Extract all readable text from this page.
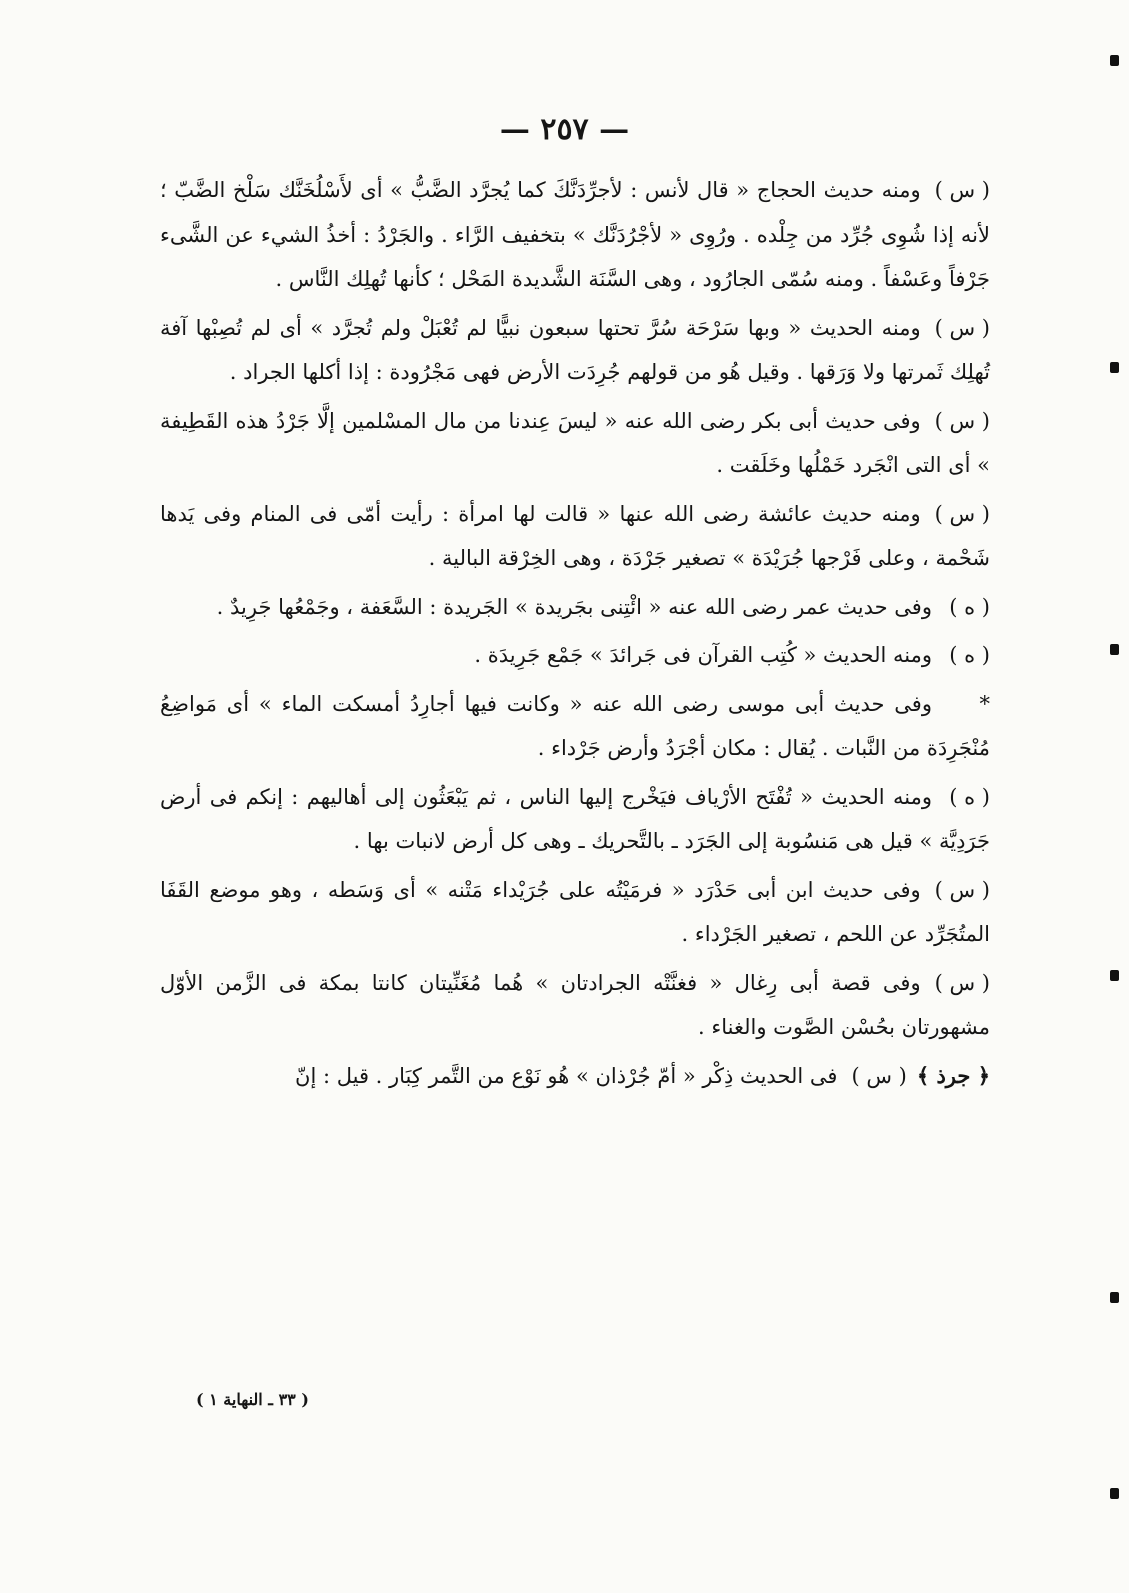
— ٢٥٧ —

( س )ومنه حديث الحجاج « قال لأنس : لأجرِّدَنَّكَ كما يُجرَّد الضَّبُّ » أى لأَسْلُخَنَّك سَلْخ الضَّبّ ؛ لأنه إذا شُوِى جُرِّد من جِلْده . ورُوِى « لأجْرُدَنَّك » بتخفيف الرَّاء . والجَرْدُ : أخذُ الشيء عن الشَّىء جَرْفاً وعَسْفاً . ومنه سُمّى الجارُود ، وهى السَّنَة الشَّديدة المَحْل ؛ كأنها تُهلِك النَّاس .

( س )ومنه الحديث « وبها سَرْحَة سُرَّ تحتها سبعون نبيًّا لم تُعْبَلْ ولم تُجرَّد » أى لم تُصِبْها آفة تُهلِك ثَمرتها ولا وَرَقها . وقيل هُو من قولهم جُرِدَت الأرض فهى مَجْرُودة : إذا أكلها الجراد .

( س )وفى حديث أبى بكر رضى الله عنه « ليسَ عِندنا من مال المسْلمين إلَّا جَرْدُ هذه القَطِيفة » أى التى انْجَرد خَمْلُها وخَلَقت .

( س )ومنه حديث عائشة رضى الله عنها « قالت لها امرأة : رأيت أمّى فى المنام وفى يَدها شَحْمة ، وعلى فَرْجها جُرَيْدَة » تصغير جَرْدَة ، وهى الخِرْقة البالية .

( ه )وفى حديث عمر رضى الله عنه « ائْتِنى بجَريدة » الجَريدة : السَّعَفة ، وجَمْعُها جَرِيدٌ .

( ه )ومنه الحديث « كُتِب القرآن فى جَرائدَ » جَمْع جَرِيدَة .

*وفى حديث أبى موسى رضى الله عنه « وكانت فيها أجارِدُ أمسكت الماء » أى مَواضِعُ مُنْجَرِدَة من النَّبات . يُقال : مكان أجْرَدُ وأرض جَرْداء .

( ه )ومنه الحديث « تُفْتَح الأرْياف فيَخْرج إليها الناس ، ثم يَبْعَثُون إلى أهاليهم : إنكم فى أرض جَرَدِيَّة » قيل هى مَنسُوبة إلى الجَرَد ـ بالتَّحريك ـ وهى كل أرض لانبات بها .

( س )وفى حديث ابن أبى حَدْرَد « فرمَيْتُه على جُرَيْداء مَتْنه » أى وَسَطه ، وهو موضع القَفَا المتُجَرِّد عن اللحم ، تصغير الجَرْداء .

( س )وفى قصة أبى رِغال « فغنَّتْه الجرادتان » هُما مُغَنِّيتان كانتا بمكة فى الزَّمن الأوّل مشهورتان بحُسْن الصَّوت والغناء .

﴿ جرذ ﴾( س )فى الحديث ذِكْر « أمّ جُرْذان » هُو نَوْع من التَّمر كِبَار . قيل : إنّ

( ٣٣ ـ النهاية ١ )
